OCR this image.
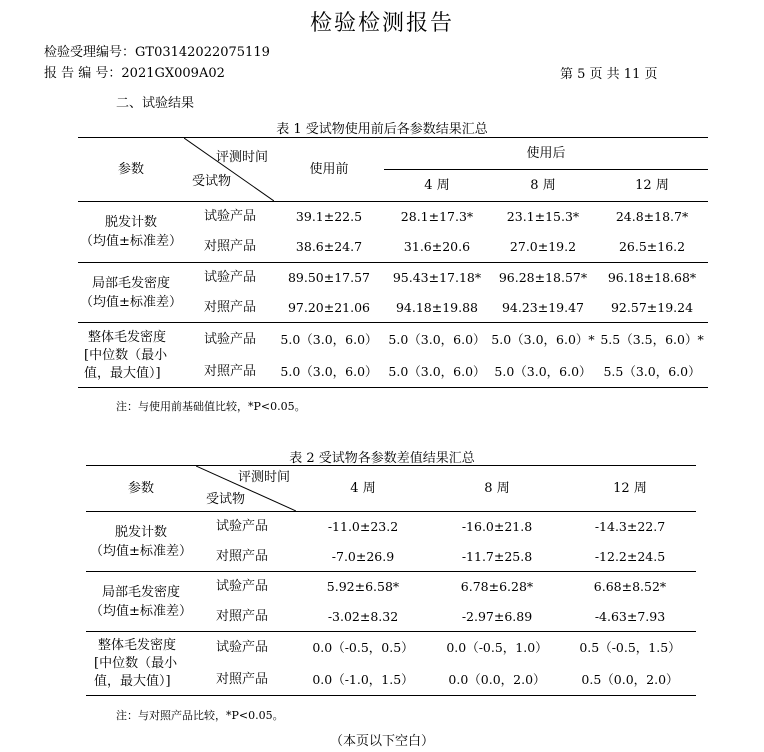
检验检测报告
检验受理编号：GT03142022075119
报 告 编 号：2021GX009A02	第 5 页 共 11 页
二、试验结果
表 1 受试物使用前后各参数结果汇总
参数	评测时间
受试物	使用前	使用后		
			4 周	8 周	12 周

脱发计数
（均值±标准差）	试验产品	39.1±22.5	28.1±17.3*	23.1±15.3*	24.8±18.7*
	对照产品	38.6±24.7	31.6±20.6	27.0±19.2	26.5±16.2

局部毛发密度
（均值±标准差）	试验产品	89.50±17.57	95.43±17.18*	96.28±18.57*	96.18±18.68*
	对照产品	97.20±21.06	94.18±19.88	94.23±19.47	92.57±19.24

整体毛发密度
[中位数（最小
值，最大值）]	试验产品	5.0（3.0，6.0）	5.0（3.0，6.0）	5.0（3.0，6.0）*	5.5（3.5，6.0）*
	对照产品	5.0（3.0，6.0）	5.0（3.0，6.0）	5.0（3.0，6.0）	5.5（3.0，6.0）
注：与使用前基础值比较，*P<0.05。
表 2 受试物各参数差值结果汇总
参数	评测时间
受试物	4 周	8 周	12 周

脱发计数
（均值±标准差）	试验产品	-11.0±23.2	-16.0±21.8	-14.3±22.7
	对照产品	-7.0±26.9	-11.7±25.8	-12.2±24.5

局部毛发密度
（均值±标准差）	试验产品	5.92±6.58*	6.78±6.28*	6.68±8.52*
	对照产品	-3.02±8.32	-2.97±6.89	-4.63±7.93

整体毛发密度
[中位数（最小
值，最大值）]	试验产品	0.0（-0.5，0.5）	0.0（-0.5，1.0）	0.5（-0.5，1.5）
	对照产品	0.0（-1.0，1.5）	0.0（0.0，2.0）	0.5（0.0，2.0）
注：与对照产品比较，*P<0.05。
（本页以下空白）
